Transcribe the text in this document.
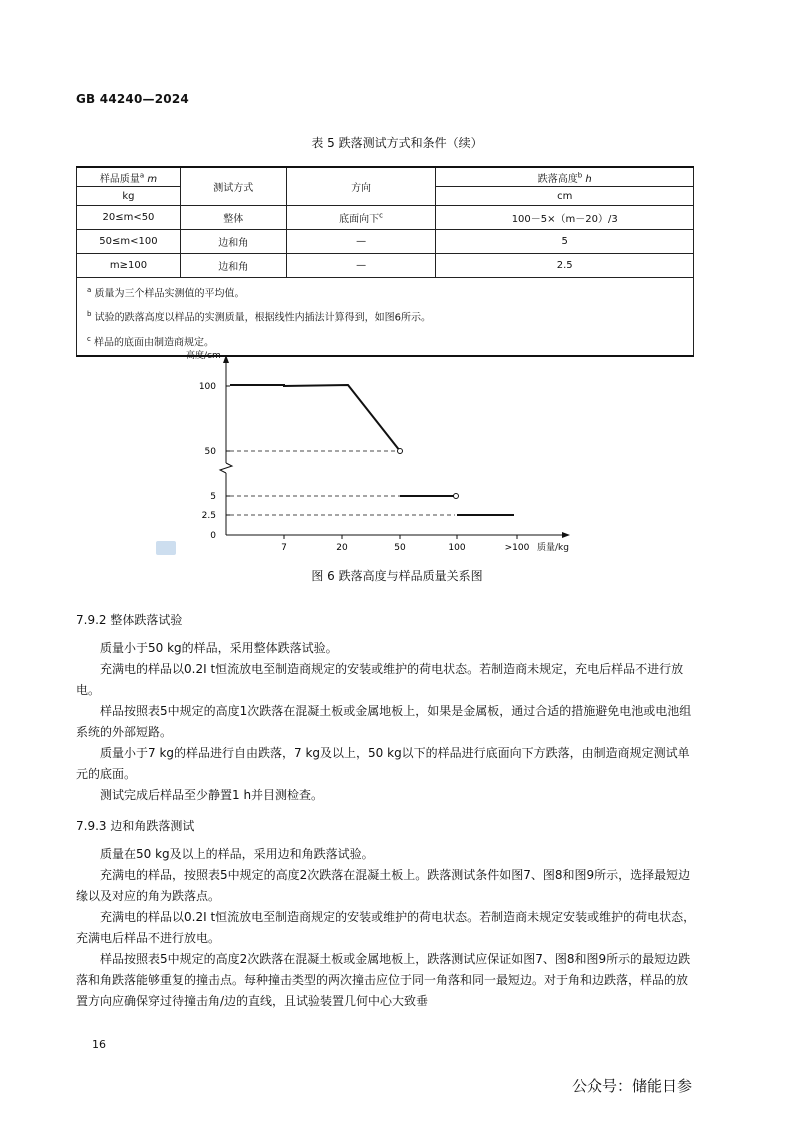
GB 44240—2024
表 5 跌落测试方式和条件（续）
样品质量$^a$ m	测试方式	方向	跌落高度$^b$ h
kg			cm
20≤m<50	整体	底面向下$^c$	100－5×（m－20）/3
50≤m<100	边和角	—	5
m≥100	边和角	—	2.5

$^a$ 质量为三个样品实测值的平均值。
$^b$ 试验的跌落高度以样品的实测质量，根据线性内插法计算得到，如图6所示。
$^c$ 样品的底面由制造商规定。			
高度/cm
质量/kg
100
50
5
2.5
0
7	20	50	100	>100
图 6 跌落高度与样品质量关系图
7.9.2 整体跌落试验

质量小于50 kg的样品，采用整体跌落试验。

充满电的样品以0.2I t恒流放电至制造商规定的安装或维护的荷电状态。若制造商未规定，充电后样品不进行放电。

样品按照表5中规定的高度1次跌落在混凝土板或金属地板上，如果是金属板，通过合适的措施避免电池或电池组系统的外部短路。

质量小于7 kg的样品进行自由跌落，7 kg及以上，50 kg以下的样品进行底面向下方跌落，由制造商规定测试单元的底面。

测试完成后样品至少静置1 h并目测检查。

7.9.3 边和角跌落测试

质量在50 kg及以上的样品，采用边和角跌落试验。

充满电的样品，按照表5中规定的高度2次跌落在混凝土板上。跌落测试条件如图7、图8和图9所示，选择最短边缘以及对应的角为跌落点。

充满电的样品以0.2I t恒流放电至制造商规定的安装或维护的荷电状态。若制造商未规定安装或维护的荷电状态，充满电后样品不进行放电。

样品按照表5中规定的高度2次跌落在混凝土板或金属地板上，跌落测试应保证如图7、图8和图9所示的最短边跌落和角跌落能够重复的撞击点。每种撞击类型的两次撞击应位于同一角落和同一最短边。对于角和边跌落，样品的放置方向应确保穿过待撞击角/边的直线，且试验装置几何中心大致垂

16
公众号：储能日参
